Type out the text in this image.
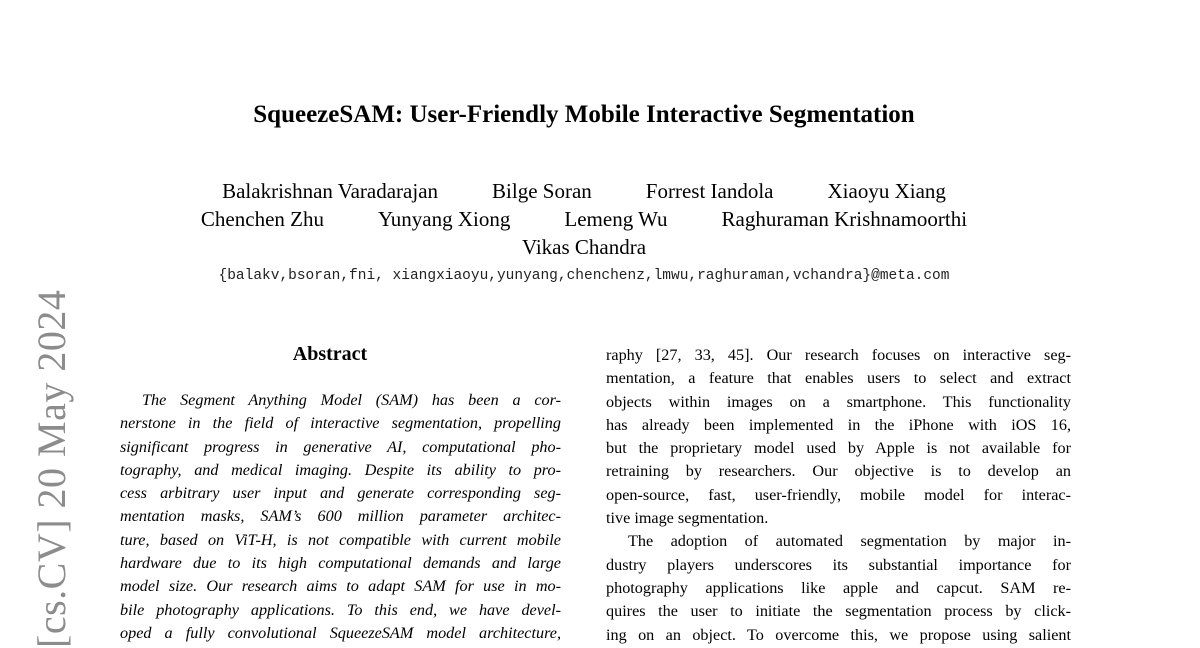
[cs.CV] 20 May 2024
SqueezeSAM: User-Friendly Mobile Interactive Segmentation
Balakrishnan Varadarajan	Bilge Soran	Forrest Iandola	Xiaoyu Xiang
Chenchen Zhu	Yunyang Xiong	Lemeng Wu	Raghuraman Krishnamoorthi
Vikas Chandra
{balakv,bsoran,fni, xiangxiaoyu,yunyang,chenchenz,lmwu,raghuraman,vchandra}@meta.com
Abstract
The Segment Anything Model (SAM) has been a cor-
nerstone in the field of interactive segmentation, propelling
significant progress in generative AI, computational pho-
tography, and medical imaging. Despite its ability to pro-
cess arbitrary user input and generate corresponding seg-
mentation masks, SAM’s 600 million parameter architec-
ture, based on ViT-H, is not compatible with current mobile
hardware due to its high computational demands and large
model size. Our research aims to adapt SAM for use in mo-
bile photography applications. To this end, we have devel-
oped a fully convolutional SqueezeSAM model architecture,
raphy [27, 33, 45]. Our research focuses on interactive seg-
mentation, a feature that enables users to select and extract
objects within images on a smartphone. This functionality
has already been implemented in the iPhone with iOS 16,
but the proprietary model used by Apple is not available for
retraining by researchers. Our objective is to develop an
open-source, fast, user-friendly, mobile model for interac-
tive image segmentation.
The adoption of automated segmentation by major in-
dustry players underscores its substantial importance for
photography applications like apple and capcut. SAM re-
quires the user to initiate the segmentation process by click-
ing on an object. To overcome this, we propose using salient
